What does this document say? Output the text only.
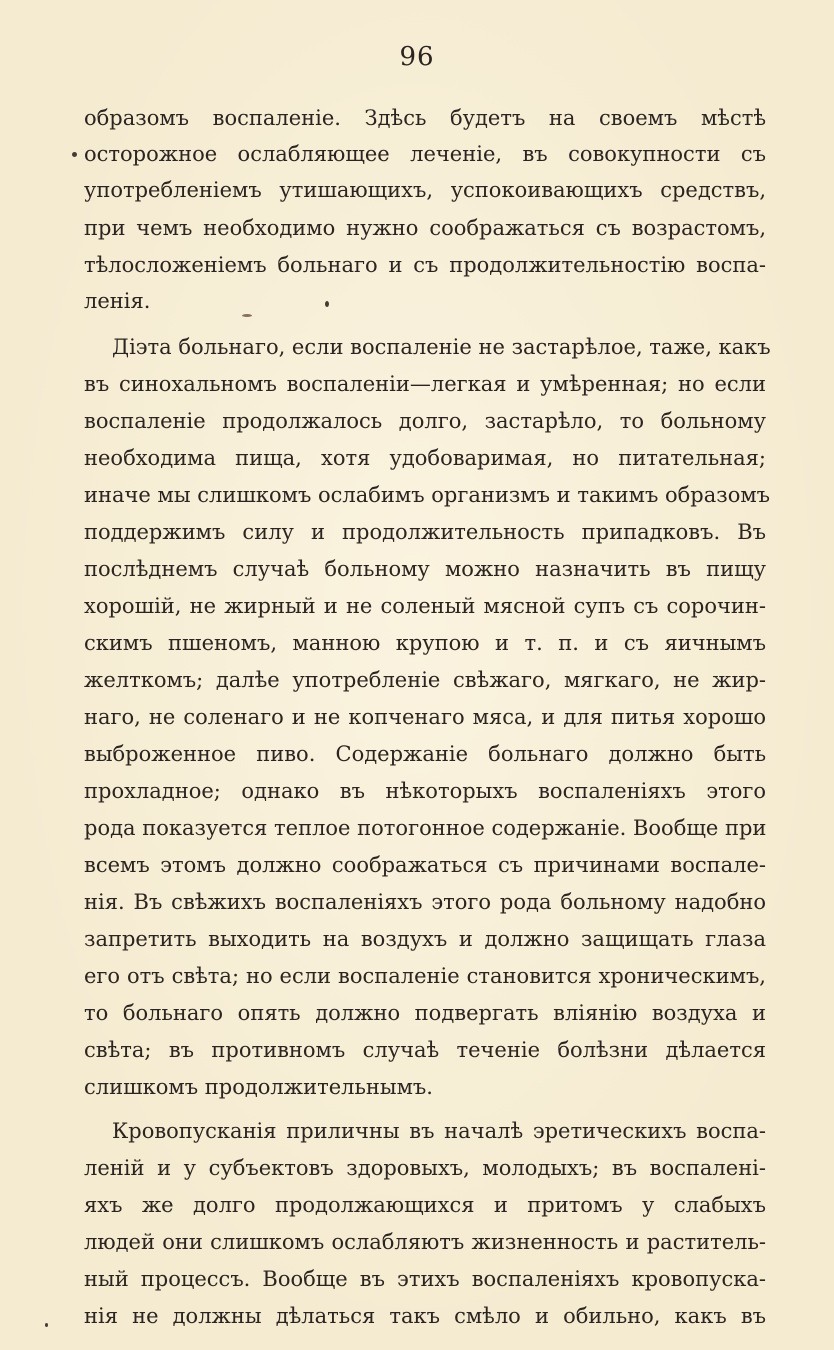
96
образомъ воспаленіе. Здѣсь будетъ на своемъ мѣстѣ
осторожное ослабляющее леченіе, въ совокупности съ
употребленіемъ утишающихъ, успокоивающихъ средствъ,
при чемъ необходимо нужно соображаться съ возрастомъ,
тѣлосложеніемъ больнаго и съ продолжительностію воспа-
ленія.
Діэта больнаго, если воспаленіе не застарѣлое, таже, какъ
въ синохальномъ воспаленіи—легкая и умѣренная; но если
воспаленіе продолжалось долго, застарѣло, то больному
необходима пища, хотя удобоваримая, но питательная;
иначе мы слишкомъ ослабимъ организмъ и такимъ образомъ
поддержимъ силу и продолжительность припадковъ. Въ
послѣднемъ случаѣ больному можно назначить въ пищу
хорошій, не жирный и не соленый мясной супъ съ сорочин-
скимъ пшеномъ, манною крупою и т. п. и съ яичнымъ
желткомъ; далѣе употребленіе свѣжаго, мягкаго, не жир-
наго, не соленаго и не копченаго мяса, и для питья хорошо
выброженное пиво. Содержаніе больнаго должно быть
прохладное; однако въ нѣкоторыхъ воспаленіяхъ этого
рода показуется теплое потогонное содержаніе. Вообще при
всемъ этомъ должно соображаться съ причинами воспале-
нія. Въ свѣжихъ воспаленіяхъ этого рода больному надобно
запретить выходить на воздухъ и должно защищать глаза
его отъ свѣта; но если воспаленіе становится хроническимъ,
то больнаго опять должно подвергать вліянію воздуха и
свѣта; въ противномъ случаѣ теченіе болѣзни дѣлается
слишкомъ продолжительнымъ.
Кровопусканія приличны въ началѣ эретическихъ воспа-
леній и у субъектовъ здоровыхъ, молодыхъ; въ воспалені-
яхъ же долго продолжающихся и притомъ у слабыхъ
людей они слишкомъ ослабляютъ жизненность и раститель-
ный процессъ. Вообще въ этихъ воспаленіяхъ кровопуска-
нія не должны дѣлаться такъ смѣло и обильно, какъ въ
